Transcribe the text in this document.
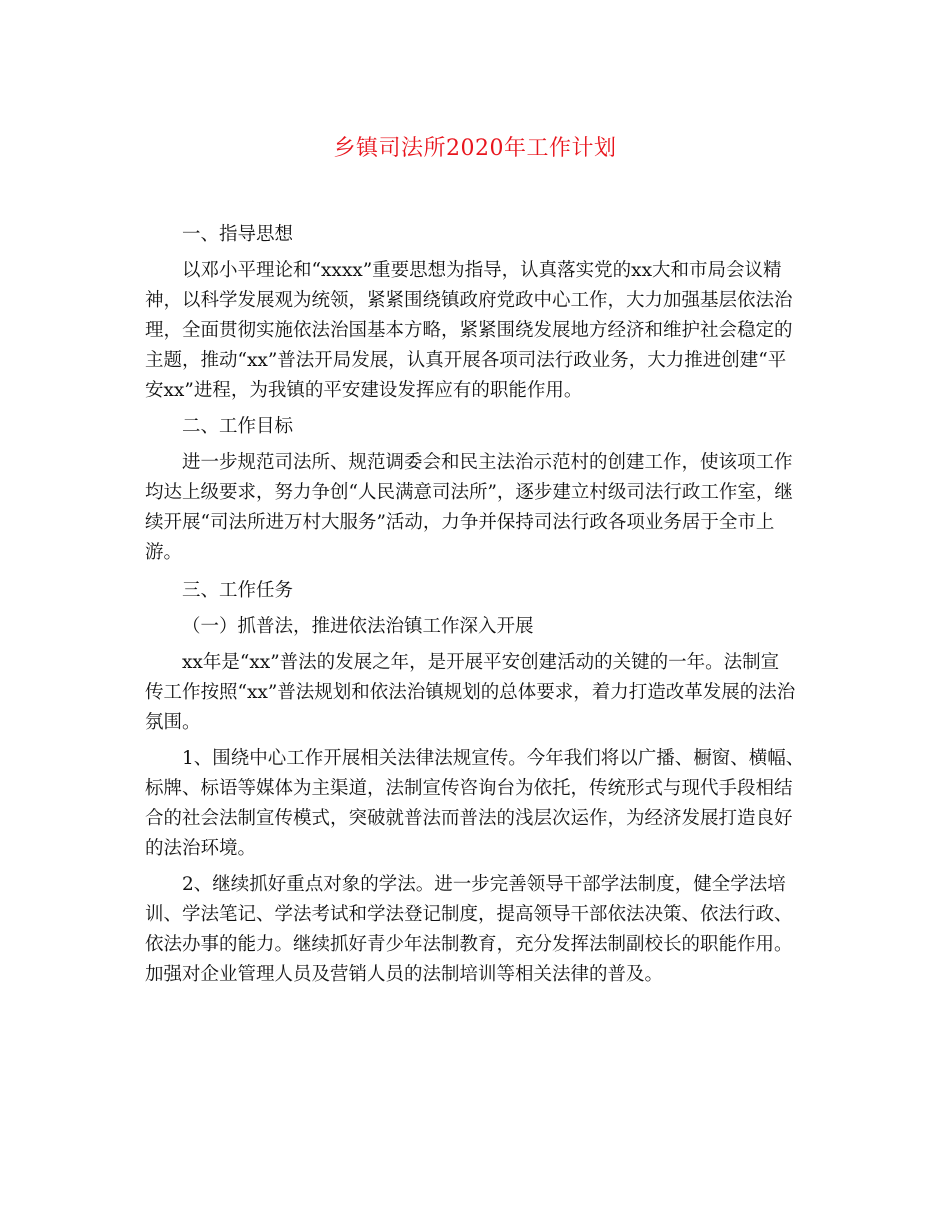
乡镇司法所2020年工作计划
一、指导思想
以邓小平理论和“xxxx”重要思想为指导，认真落实党的xx大和市局会议精
神，以科学发展观为统领，紧紧围绕镇政府党政中心工作，大力加强基层依法治
理，全面贯彻实施依法治国基本方略，紧紧围绕发展地方经济和维护社会稳定的
主题，推动“xx”普法开局发展，认真开展各项司法行政业务，大力推进创建“平
安xx”进程，为我镇的平安建设发挥应有的职能作用。
二、工作目标
进一步规范司法所、规范调委会和民主法治示范村的创建工作，使该项工作
均达上级要求，努力争创“人民满意司法所”，逐步建立村级司法行政工作室，继
续开展“司法所进万村大服务”活动，力争并保持司法行政各项业务居于全市上
游。
三、工作任务
（一）抓普法，推进依法治镇工作深入开展
xx年是“xx”普法的发展之年，是开展平安创建活动的关键的一年。法制宣
传工作按照“xx”普法规划和依法治镇规划的总体要求，着力打造改革发展的法治
氛围。
1、围绕中心工作开展相关法律法规宣传。今年我们将以广播、橱窗、横幅、
标牌、标语等媒体为主渠道，法制宣传咨询台为依托，传统形式与现代手段相结
合的社会法制宣传模式，突破就普法而普法的浅层次运作，为经济发展打造良好
的法治环境。
2、继续抓好重点对象的学法。进一步完善领导干部学法制度，健全学法培
训、学法笔记、学法考试和学法登记制度，提高领导干部依法决策、依法行政、
依法办事的能力。继续抓好青少年法制教育，充分发挥法制副校长的职能作用。
加强对企业管理人员及营销人员的法制培训等相关法律的普及。
